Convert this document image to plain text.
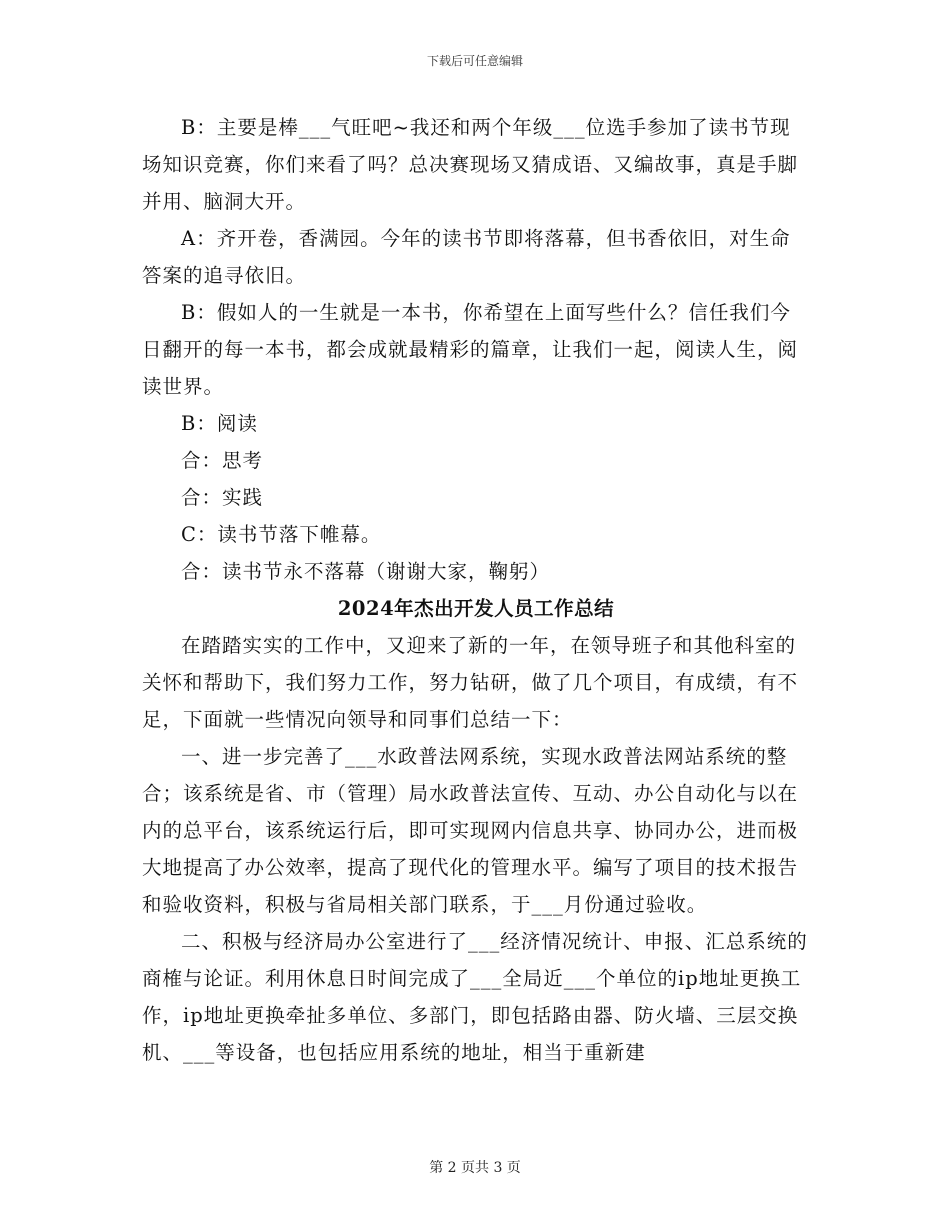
下载后可任意编辑

B：主要是棒___气旺吧~我还和两个年级___位选手参加了读书节现场知识竞赛，你们来看了吗？总决赛现场又猜成语、又编故事，真是手脚并用、脑洞大开。

A：齐开卷，香满园。今年的读书节即将落幕，但书香依旧，对生命答案的追寻依旧。

B：假如人的一生就是一本书，你希望在上面写些什么？信任我们今日翻开的每一本书，都会成就最精彩的篇章，让我们一起，阅读人生，阅读世界。

B：阅读

合：思考

合：实践

C：读书节落下帷幕。

合：读书节永不落幕（谢谢大家，鞠躬）

2024年杰出开发人员工作总结

在踏踏实实的工作中，又迎来了新的一年，在领导班子和其他科室的关怀和帮助下，我们努力工作，努力钻研，做了几个项目，有成绩，有不足，下面就一些情况向领导和同事们总结一下：

一、进一步完善了___水政普法网系统，实现水政普法网站系统的整合；该系统是省、市（管理）局水政普法宣传、互动、办公自动化与以在内的总平台，该系统运行后，即可实现网内信息共享、协同办公，进而极大地提高了办公效率，提高了现代化的管理水平。编写了项目的技术报告和验收资料，积极与省局相关部门联系，于___月份通过验收。

二、积极与经济局办公室进行了___经济情况统计、申报、汇总系统的商榷与论证。利用休息日时间完成了___全局近___个单位的ip地址更换工作，ip地址更换牵扯多单位、多部门，即包括路由器、防火墙、三层交换机、___等设备，也包括应用系统的地址，相当于重新建

第 2 页共 3 页
